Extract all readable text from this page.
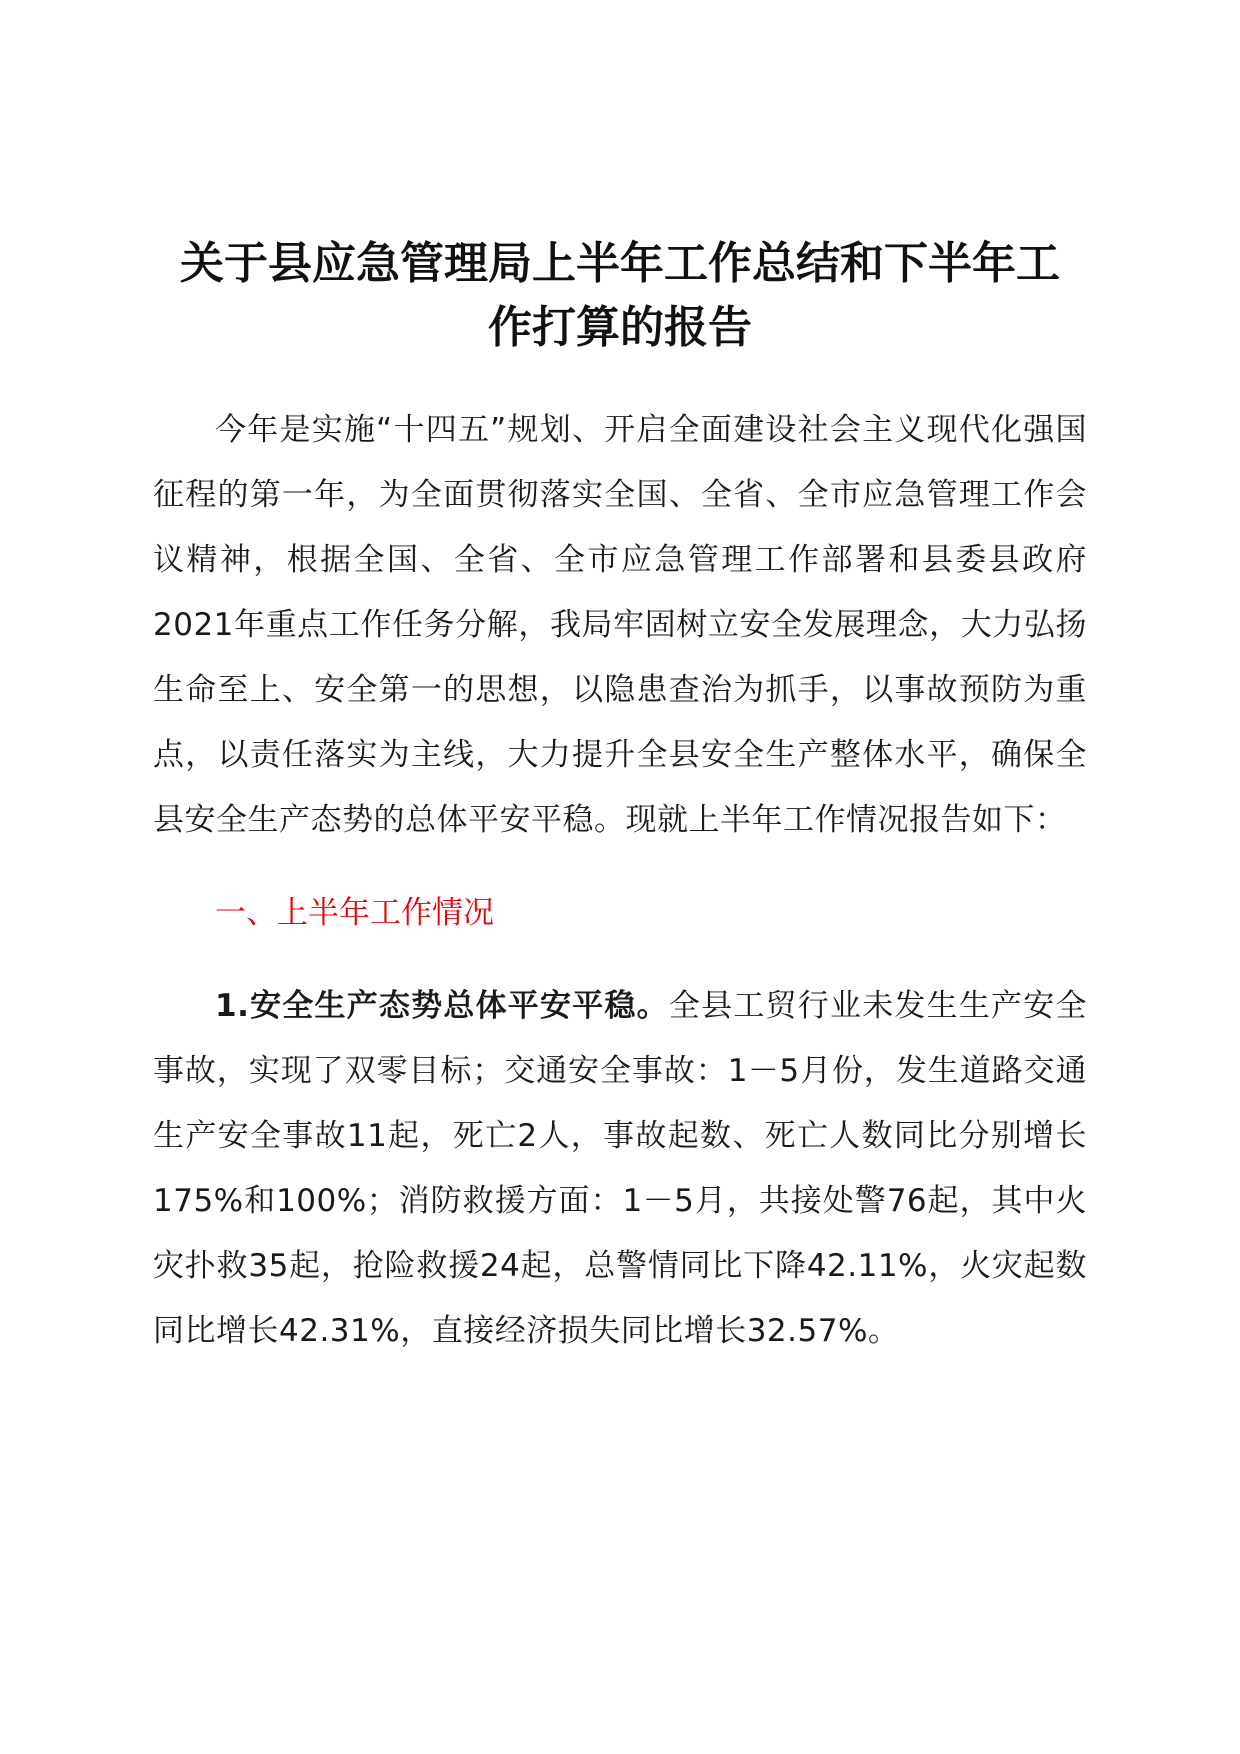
关于县应急管理局上半年工作总结和下半年工
作打算的报告

今年是实施“十四五”规划、开启全面建设社会主义现代化强国征程的第一年，为全面贯彻落实全国、全省、全市应急管理工作会议精神，根据全国、全省、全市应急管理工作部署和县委县政府2021年重点工作任务分解，我局牢固树立安全发展理念，大力弘扬生命至上、安全第一的思想，以隐患查治为抓手，以事故预防为重点，以责任落实为主线，大力提升全县安全生产整体水平，确保全县安全生产态势的总体平安平稳。现就上半年工作情况报告如下：

一、上半年工作情况

1.安全生产态势总体平安平稳。全县工贸行业未发生生产安全事故，实现了双零目标；交通安全事故：1－5月份，发生道路交通生产安全事故11起，死亡2人，事故起数、死亡人数同比分别增长175%和100%；消防救援方面：1－5月，共接处警76起，其中火灾扑救35起，抢险救援24起，总警情同比下降42.11%，火灾起数同比增长42.31%，直接经济损失同比增长32.57%。
